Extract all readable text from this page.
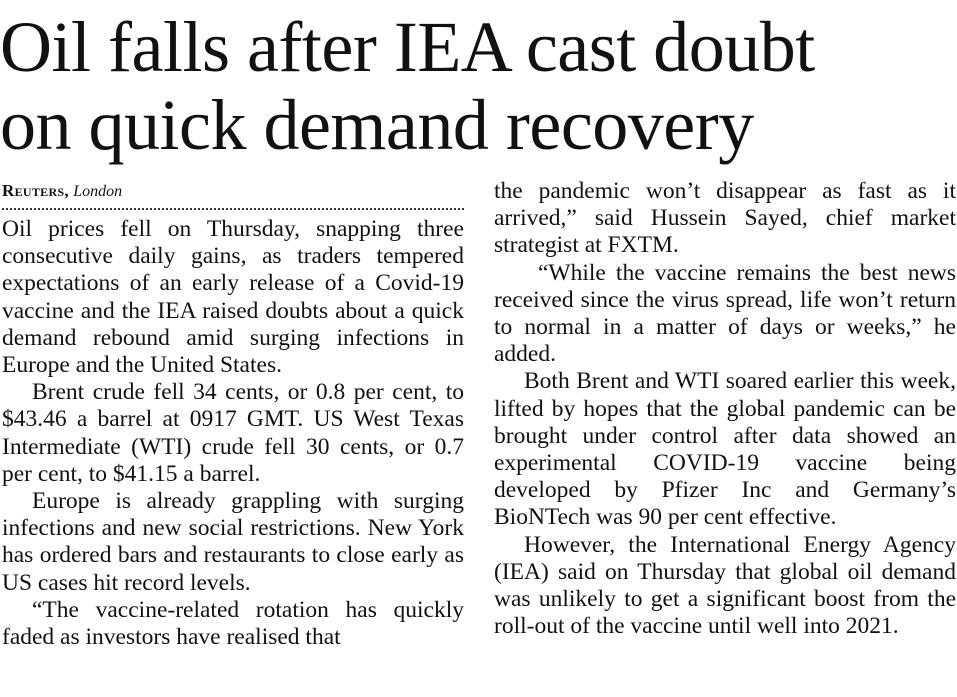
Oil falls after IEA cast doubt
on quick demand recovery
Reuters, London

Oil prices fell on Thursday, snapping three consecutive daily gains, as traders tempered expectations of an early release of a Covid-19 vaccine and the IEA raised doubts about a quick demand rebound amid surging infections in Europe and the United States.

Brent crude fell 34 cents, or 0.8 per cent, to $43.46 a barrel at 0917 GMT. US West Texas Intermediate (WTI) crude fell 30 cents, or 0.7 per cent, to $41.15 a barrel.

Europe is already grappling with surging infections and new social restrictions. New York has ordered bars and restaurants to close early as US cases hit record levels.

“The vaccine-related rotation has quickly faded as investors have realised that

the pandemic won’t disappear as fast as it arrived,” said Hussein Sayed, chief market strategist at FXTM.

“While the vaccine remains the best news received since the virus spread, life won’t return to normal in a matter of days or weeks,” he added.

Both Brent and WTI soared earlier this week, lifted by hopes that the global pandemic can be brought under control after data showed an experimental COVID-19 vaccine being developed by Pfizer Inc and Germany’s BioNTech was 90 per cent effective.

However, the International Energy Agency (IEA) said on Thursday that global oil demand was unlikely to get a significant boost from the roll-out of the vaccine until well into 2021.
